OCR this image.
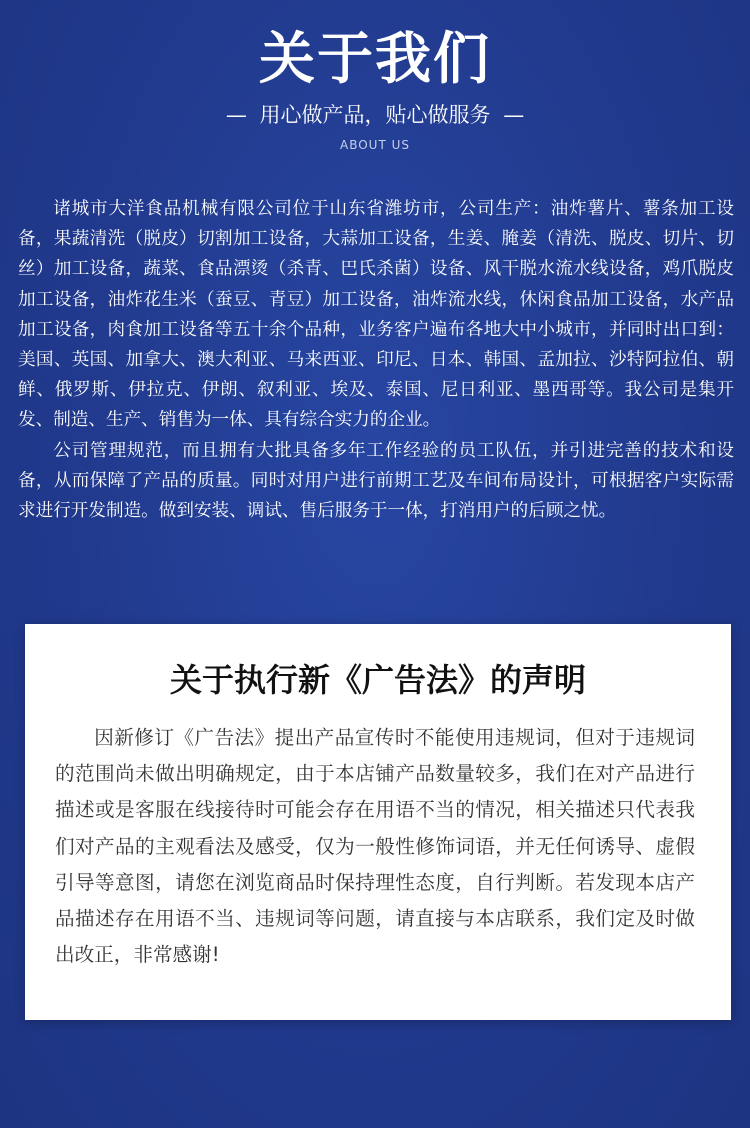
关于我们
— 用心做产品，贴心做服务 —
ABOUT US

诸城市大洋食品机械有限公司位于山东省潍坊市，公司生产：油炸薯片、薯条加工设备，果蔬清洗（脱皮）切割加工设备，大蒜加工设备，生姜、腌姜（清洗、脱皮、切片、切丝）加工设备，蔬菜、食品漂烫（杀青、巴氏杀菌）设备、风干脱水流水线设备，鸡爪脱皮加工设备，油炸花生米（蚕豆、青豆）加工设备，油炸流水线，休闲食品加工设备，水产品加工设备，肉食加工设备等五十余个品种，业务客户遍布各地大中小城市，并同时出口到：美国、英国、加拿大、澳大利亚、马来西亚、印尼、日本、韩国、孟加拉、沙特阿拉伯、朝鲜、俄罗斯、伊拉克、伊朗、叙利亚、埃及、泰国、尼日利亚、墨西哥等。我公司是集开发、制造、生产、销售为一体、具有综合实力的企业。

公司管理规范，而且拥有大批具备多年工作经验的员工队伍，并引进完善的技术和设备，从而保障了产品的质量。同时对用户进行前期工艺及车间布局设计，可根据客户实际需求进行开发制造。做到安装、调试、售后服务于一体，打消用户的后顾之忧。

关于执行新《广告法》的声明

因新修订《广告法》提出产品宣传时不能使用违规词，但对于违规词的范围尚未做出明确规定，由于本店铺产品数量较多，我们在对产品进行描述或是客服在线接待时可能会存在用语不当的情况，相关描述只代表我们对产品的主观看法及感受，仅为一般性修饰词语，并无任何诱导、虚假引导等意图，请您在浏览商品时保持理性态度，自行判断。若发现本店产品描述存在用语不当、违规词等问题，请直接与本店联系，我们定及时做出改正，非常感谢!
